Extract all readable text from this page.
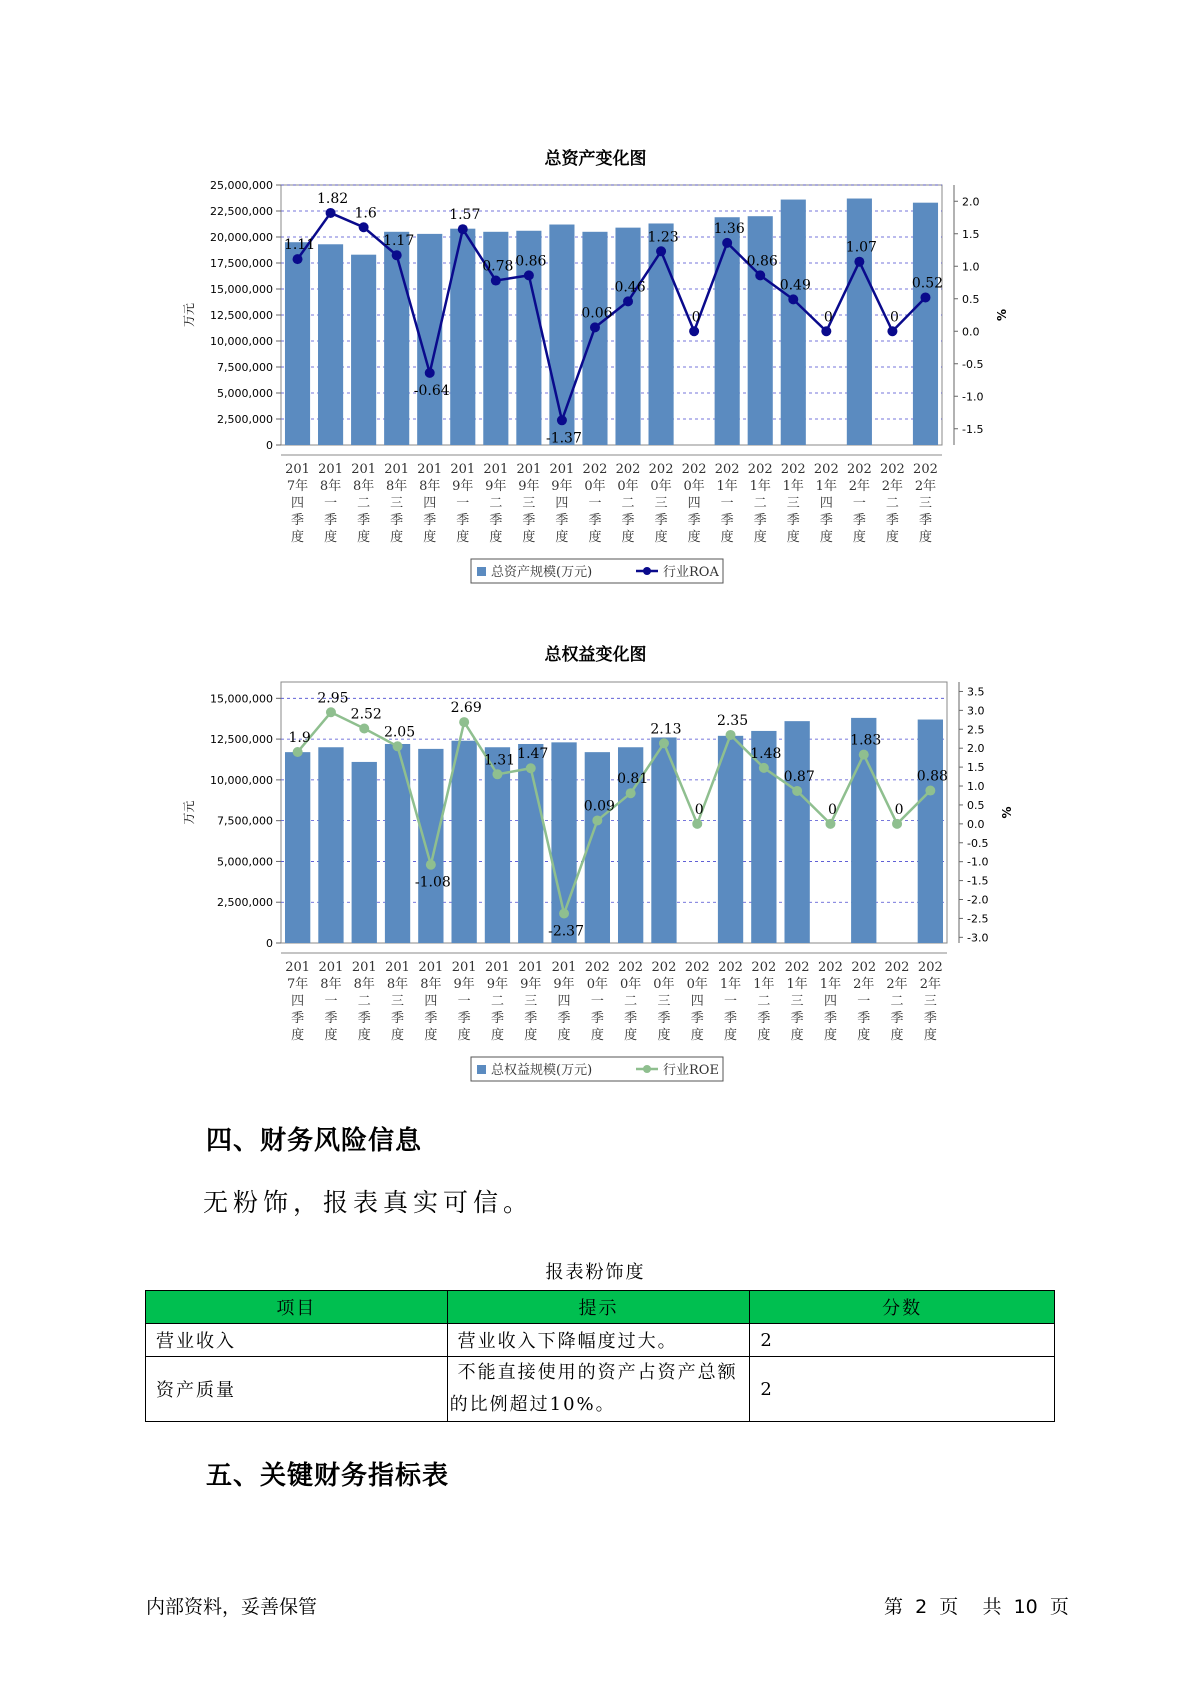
总资产变化图
25,000,000
22,500,000
20,000,000
17,500,000
15,000,000
12,500,000
10,000,000
7,500,000
5,000,000
2,500,000
0
2.0
1.5
1.0
0.5
0.0
-0.5
-1.0
-1.5
万元	%
201
7年
四
季
度
201
8年
一
季
度
201
8年
二
季
度
201
8年
三
季
度
201
8年
四
季
度
201
9年
一
季
度
201
9年
二
季
度
201
9年
三
季
度
201
9年
四
季
度
202
0年
一
季
度
202
0年
二
季
度
202
0年
三
季
度
202
0年
四
季
度
202
1年
一
季
度
202
1年
二
季
度
202
1年
三
季
度
202
1年
四
季
度
202
2年
一
季
度
202
2年
二
季
度
202
2年
三
季
度
1.11
1.82
1.6
1.17
-0.64
1.57
0.78 0.86
-1.37
0.06
0.46
1.23
0
1.36
0.86
0.49
0
1.07
0
0.52
总资产规模(万元)	行业ROA
总权益变化图
15,000,000
12,500,000
10,000,000
7,500,000
5,000,000
2,500,000
0
3.5
3.0
2.5
2.0
1.5
1.0
0.5
0.0
-0.5
-1.0
-1.5
-2.0
-2.5
-3.0
万元	%
201
7年
四
季
度
201
8年
一
季
度
201
8年
二
季
度
201
8年
三
季
度
201
8年
四
季
度
201
9年
一
季
度
201
9年
二
季
度
201
9年
三
季
度
201
9年
四
季
度
202
0年
一
季
度
202
0年
二
季
度
202
0年
三
季
度
202
0年
四
季
度
202
1年
一
季
度
202
1年
二
季
度
202
1年
三
季
度
202
1年
四
季
度
202
2年
一
季
度
202
2年
二
季
度
202
2年
三
季
度
1.9
2.95
2.52
2.05
-1.08
2.69
1.31 1.47
-2.37
0.09
0.81
2.13
0
2.35
1.48
0.87
0
1.83
0
0.88
总权益规模(万元)	行业ROE
四、财务风险信息
无粉饰，报表真实可信。
报表粉饰度
项目	提示	分数
营业收入	营业收入下降幅度过大。	2
资产质量	不能直接使用的资产占资产总额
的比例超过10%。	2
五、关键财务指标表
内部资料，妥善保管	第 2 页 共 10 页
